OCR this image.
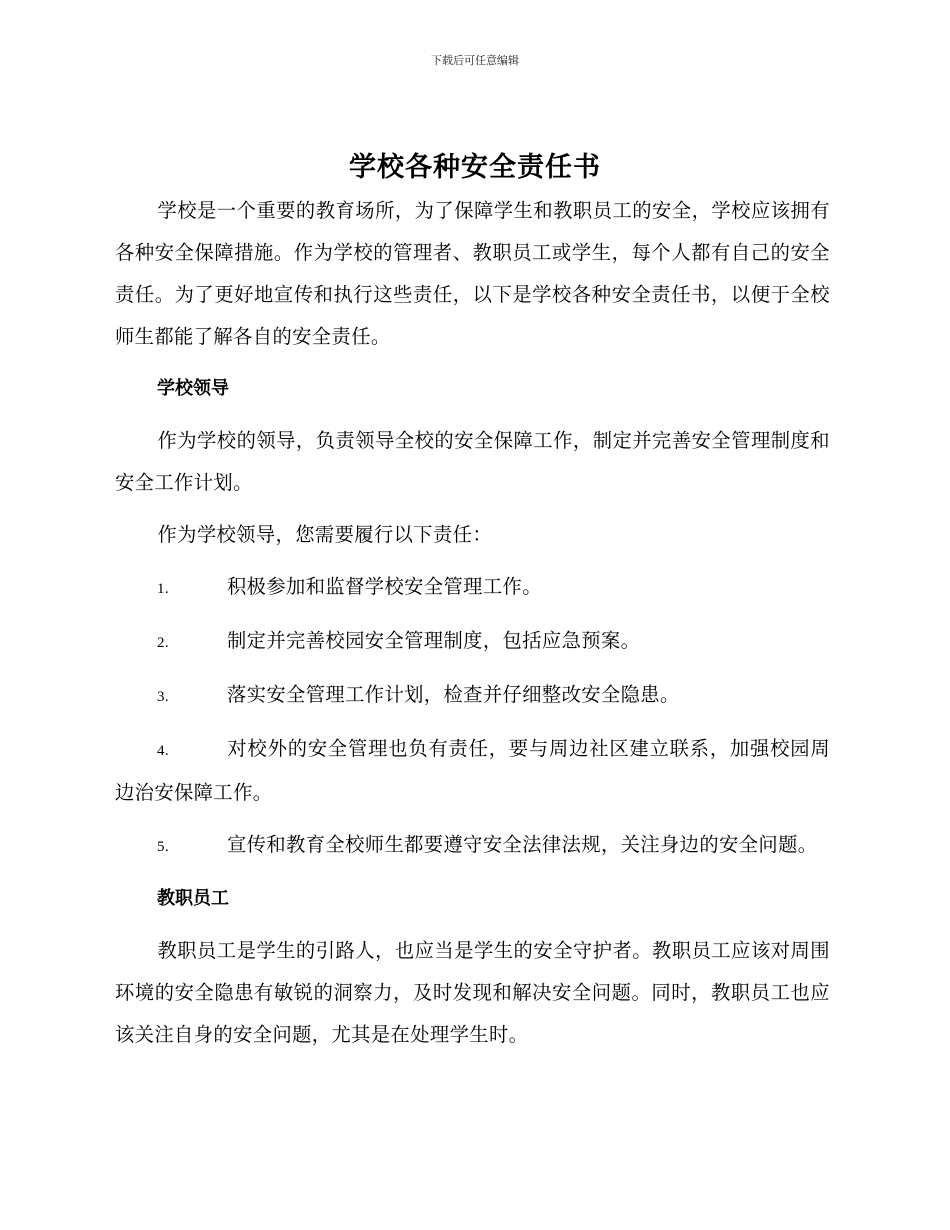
下载后可任意编辑
学校各种安全责任书

学校是一个重要的教育场所，为了保障学生和教职员工的安全，学校应该拥有各种安全保障措施。作为学校的管理者、教职员工或学生，每个人都有自己的安全责任。为了更好地宣传和执行这些责任，以下是学校各种安全责任书，以便于全校师生都能了解各自的安全责任。

学校领导

作为学校的领导，负责领导全校的安全保障工作，制定并完善安全管理制度和安全工作计划。

作为学校领导，您需要履行以下责任：

1.	积极参加和监督学校安全管理工作。
2.	制定并完善校园安全管理制度，包括应急预案。
3.	落实安全管理工作计划，检查并仔细整改安全隐患。
4.	对校外的安全管理也负有责任，要与周边社区建立联系，加强校园周边治安保障工作。
5.	宣传和教育全校师生都要遵守安全法律法规，关注身边的安全问题。
教职员工

教职员工是学生的引路人，也应当是学生的安全守护者。教职员工应该对周围环境的安全隐患有敏锐的洞察力，及时发现和解决安全问题。同时，教职员工也应该关注自身的安全问题，尤其是在处理学生时。
